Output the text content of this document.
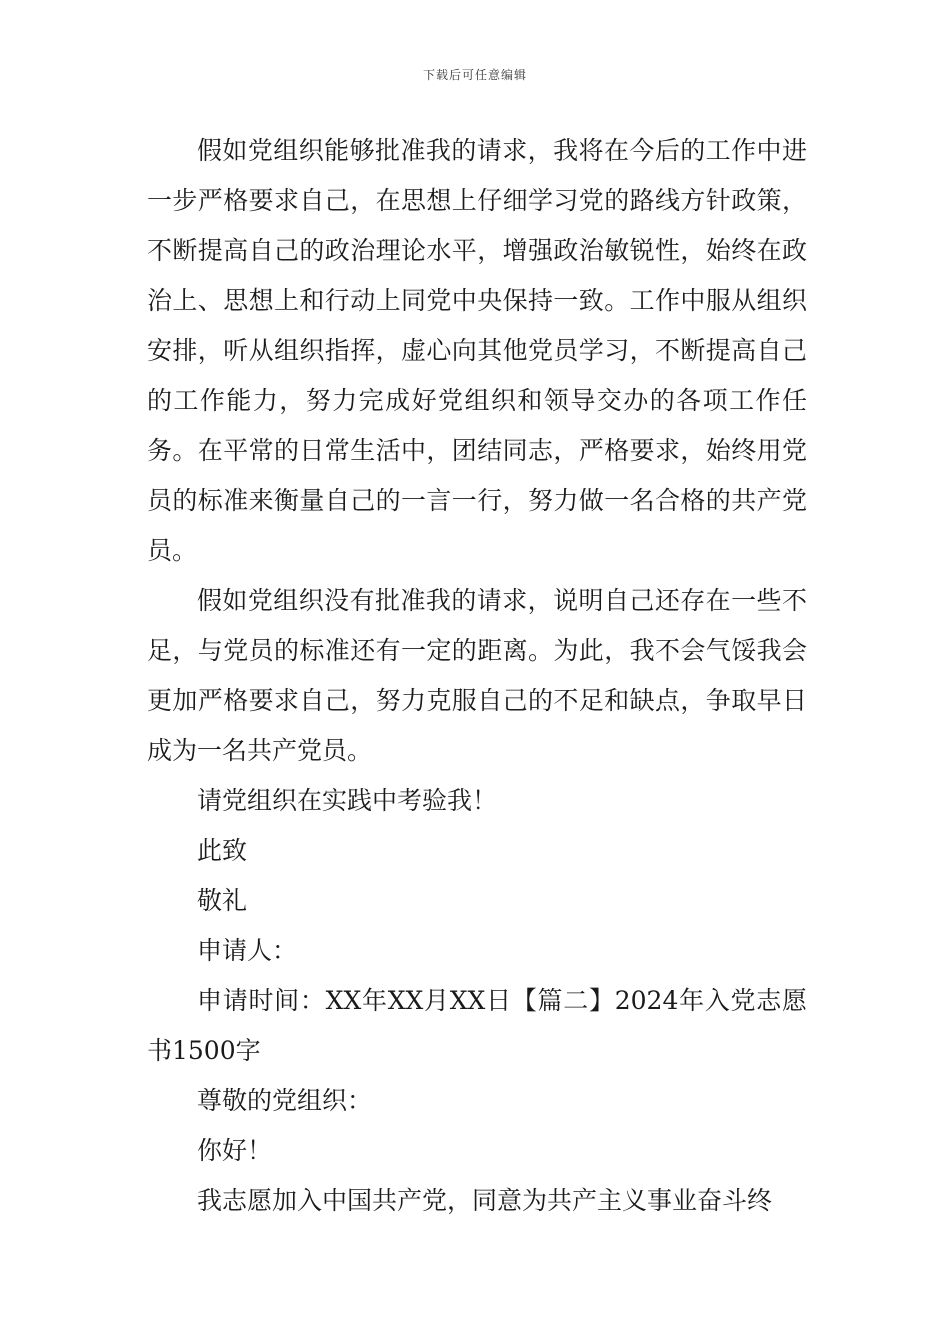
下载后可任意编辑

假如党组织能够批准我的请求，我将在今后的工作中进一步严格要求自己，在思想上仔细学习党的路线方针政策，不断提高自己的政治理论水平，增强政治敏锐性，始终在政治上、思想上和行动上同党中央保持一致。工作中服从组织安排，听从组织指挥，虚心向其他党员学习，不断提高自己的工作能力，努力完成好党组织和领导交办的各项工作任务。在平常的日常生活中，团结同志，严格要求，始终用党员的标准来衡量自己的一言一行，努力做一名合格的共产党员。

假如党组织没有批准我的请求，说明自己还存在一些不足，与党员的标准还有一定的距离。为此，我不会气馁我会更加严格要求自己，努力克服自己的不足和缺点，争取早日成为一名共产党员。

请党组织在实践中考验我！

此致

敬礼

申请人：

申请时间：XX年XX月XX日【篇二】2024年入党志愿书1500字

尊敬的党组织：

你好！

我志愿加入中国共产党，同意为共产主义事业奋斗终
